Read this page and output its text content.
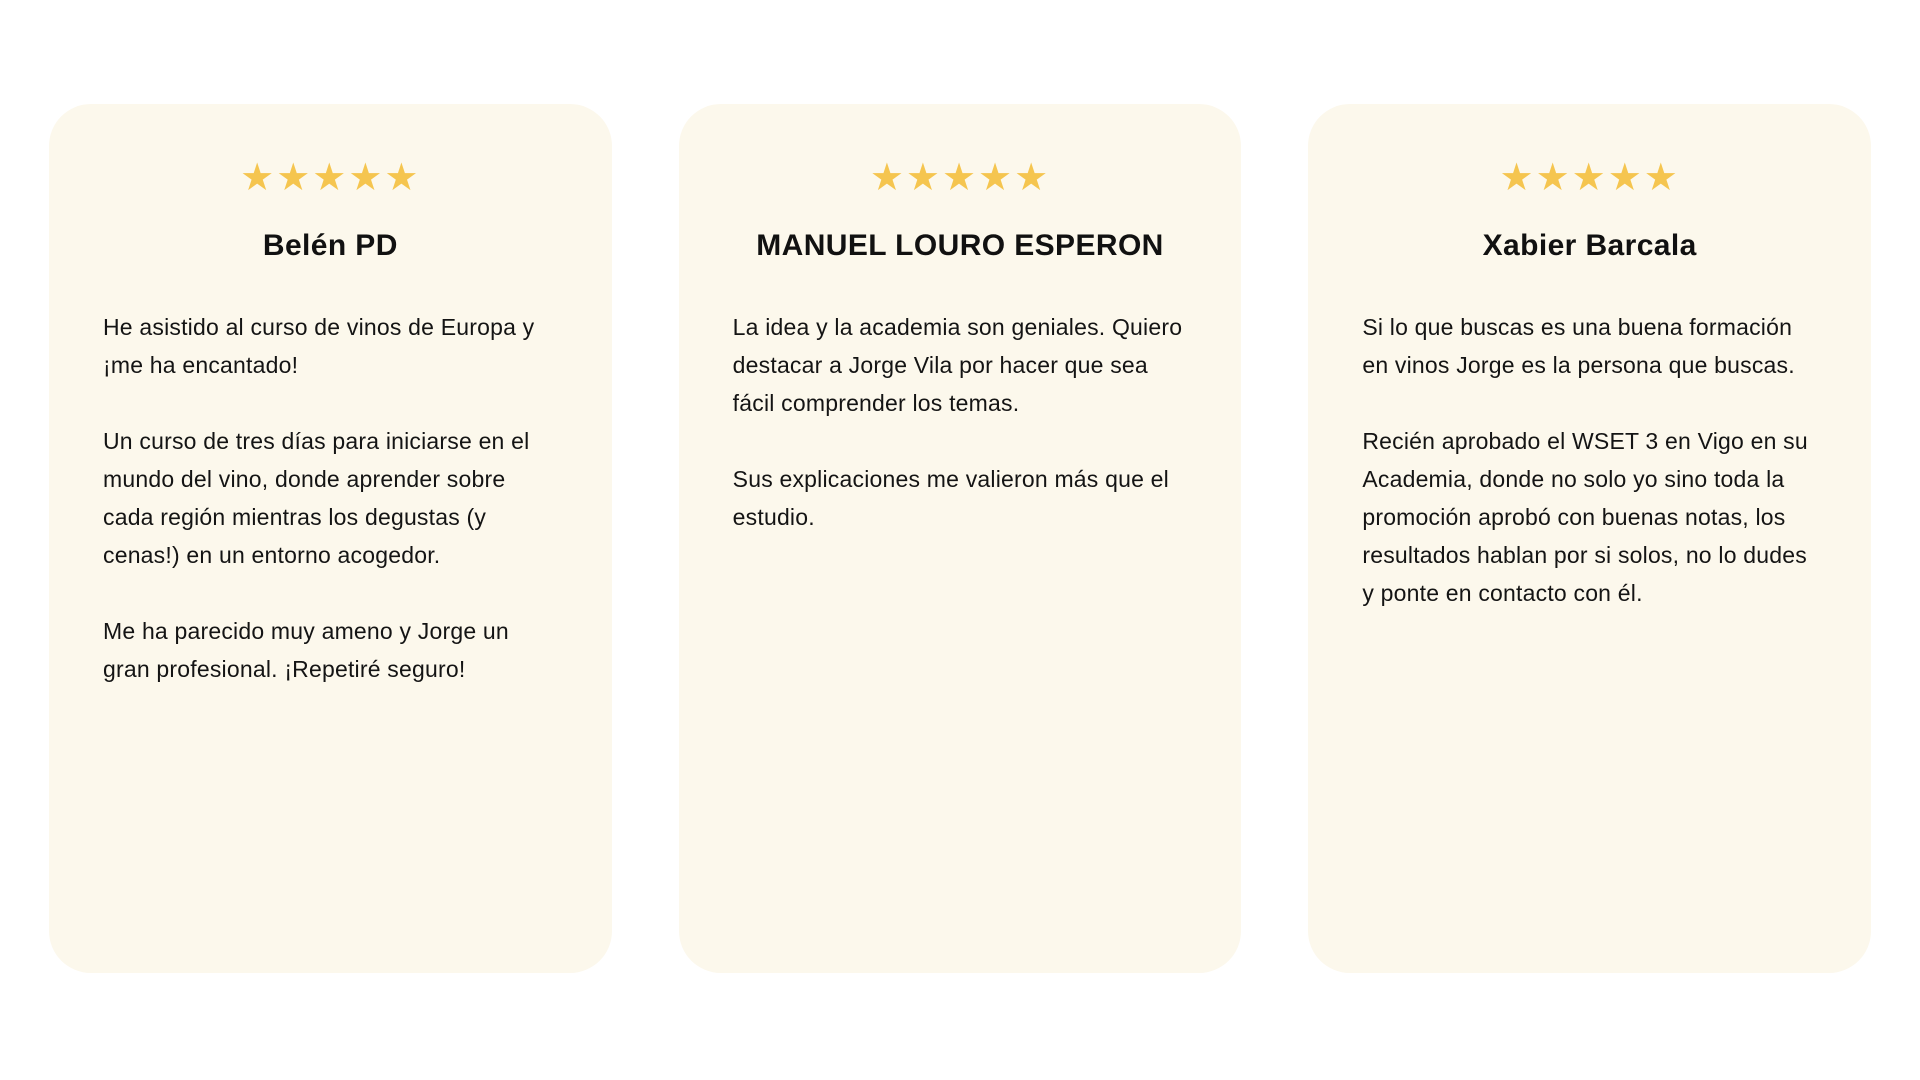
★★★★★
Belén PD

He asistido al curso de vinos de Europa y ¡me ha encantado!

Un curso de tres días para iniciarse en el mundo del vino, donde aprender sobre cada región mientras los degustas (y cenas!) en un entorno acogedor.

Me ha parecido muy ameno y Jorge un gran profesional. ¡Repetiré seguro!

★★★★★
MANUEL LOURO ESPERON

La idea y la academia son geniales. Quiero destacar a Jorge Vila por hacer que sea fácil comprender los temas.

Sus explicaciones me valieron más que el estudio.

★★★★★
Xabier Barcala

Si lo que buscas es una buena formación en vinos Jorge es la persona que buscas.

Recién aprobado el WSET 3 en Vigo en su Academia, donde no solo yo sino toda la promoción aprobó con buenas notas, los resultados hablan por si solos, no lo dudes y ponte en contacto con él.
